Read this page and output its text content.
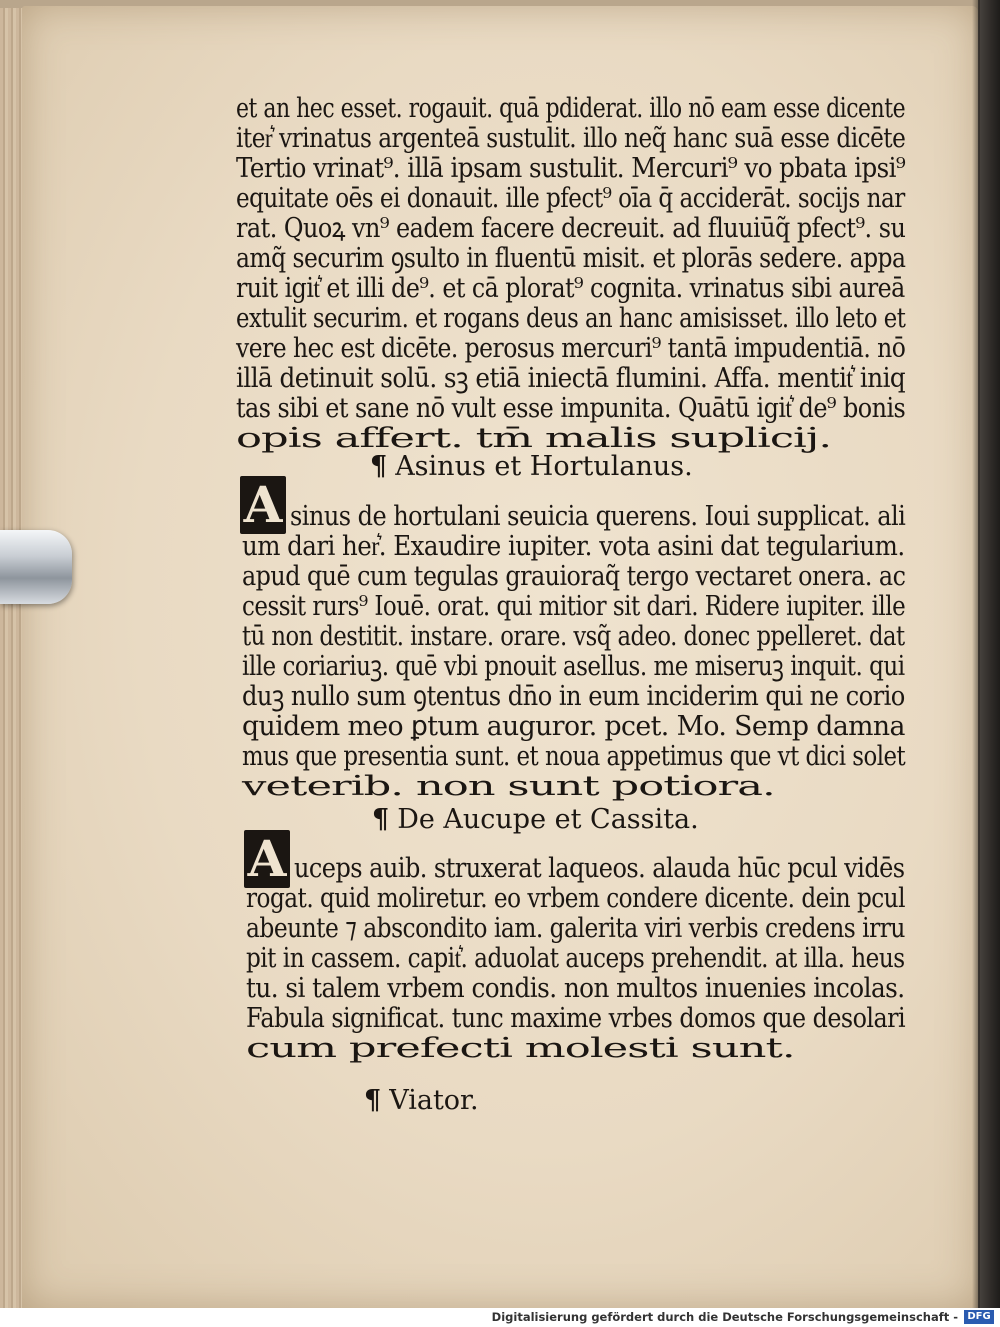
et an hec esset. rogauit. quā pdiderat. illo nō eam esse dicente
iter͛ vrinatus argenteā sustulit. illo neq̃ hanc suā esse dicēte
Tertio vrinat⁹. illā ipsam sustulit. Mercuri⁹ vo pbata ipsi⁹
equitate oēs ei donauit. ille pfect⁹ oīa q̄ acciderāt. socijs nar
rat. Quoꝝ vn⁹ eadem facere decreuit. ad fluuiūq̃ pfect⁹. su
amq̃ securim ꝯsulto in fluentū misit. et plorās sedere. appa
ruit igit͛ et illi de⁹. et cā plorat⁹ cognita. vrinatus sibi aureā
extulit securim. et rogans deus an hanc amisisset. illo leto et
vere hec est dicēte. perosus mercuri⁹ tantā impudentiā. nō
illā detinuit solū. sꝫ etiā iniectā flumini. Affa. mentit͛ iniq
tas sibi et sane nō vult esse impunita. Quātū igit͛ de⁹ bonis
opis affert. tm̄ malis suplicij.
¶ Asinus et Hortulanus.
A sinus de hortulani seuicia querens. Ioui supplicat. ali
um dari her͛. Exaudire iupiter. vota asini dat tegularium.
apud quē cum tegulas grauioraq̃ tergo vectaret onera. ac
cessit rurs⁹ Iouē. orat. qui mitior sit dari. Ridere iupiter. ille
tū non destitit. instare. orare. vsq̃ adeo. donec ppelleret. dat
ille coriariuꝫ. quē vbi pnouit asellus. me miseruꝫ inquit. qui
duꝫ nullo sum ꝯtentus dn̄o in eum inciderim qui ne corio
quidem meo ꝑtum auguror. pcet. Mo. Semp damna
mus que presentia sunt. et noua appetimus que vt dici solet
veterib. non sunt potiora.
¶ De Aucupe et Cassita.
A uceps auib. struxerat laqueos. alauda hūc pcul vidēs
rogat. quid moliretur. eo vrbem condere dicente. dein pcul
abeunte ⁊ abscondito iam. galerita viri verbis credens irru
pit in cassem. capit͛. aduolat auceps prehendit. at illa. heus
tu. si talem vrbem condis. non multos inuenies incolas.
Fabula significat. tunc maxime vrbes domos que desolari
cum prefecti molesti sunt.
¶ Viator.
Digitalisierung gefördert durch die Deutsche Forschungsgemeinschaft - DFG
